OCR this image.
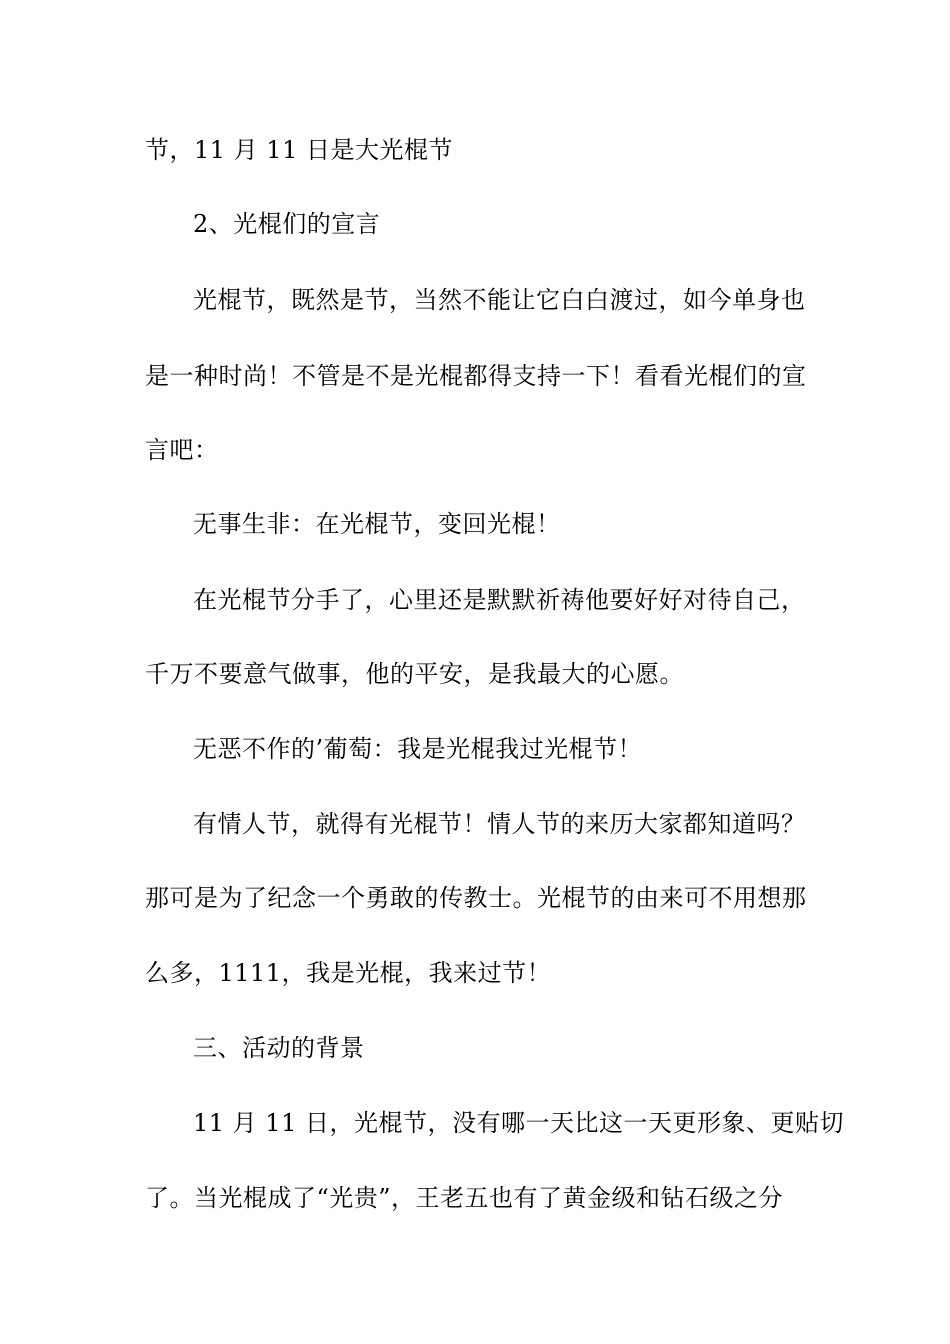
节，11 月 11 日是大光棍节

2、光棍们的宣言

光棍节，既然是节，当然不能让它白白渡过，如今单身也

是一种时尚！不管是不是光棍都得支持一下！看看光棍们的宣

言吧：

无事生非：在光棍节，变回光棍！

在光棍节分手了，心里还是默默祈祷他要好好对待自己，

千万不要意气做事，他的平安，是我最大的心愿。

无恶不作的’葡萄：我是光棍我过光棍节！

有情人节，就得有光棍节！情人节的来历大家都知道吗？

那可是为了纪念一个勇敢的传教士。光棍节的由来可不用想那

么多，1111，我是光棍，我来过节！

三、活动的背景

11 月 11 日，光棍节，没有哪一天比这一天更形象、更贴切

了。当光棍成了“光贵”，王老五也有了黄金级和钻石级之分
